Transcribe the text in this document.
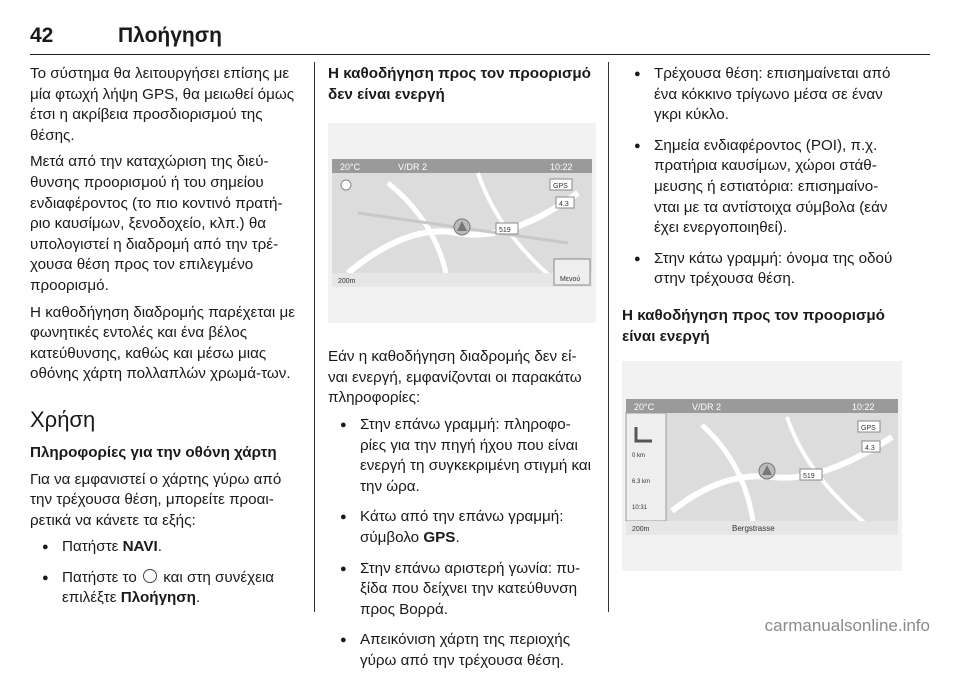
42	Πλοήγηση

Το σύστημα θα λειτουργήσει επίσης με μία φτωχή λήψη GPS, θα μειωθεί όμως έτσι η ακρίβεια προσδιορισμού της θέσης.

Μετά από την καταχώριση της διεύ-θυνσης προορισμού ή του σημείου ενδιαφέροντος (το πιο κοντινό πρατή-ριο καυσίμων, ξενοδοχείο, κλπ.) θα υπολογιστεί η διαδρομή από την τρέ-χουσα θέση προς τον επιλεγμένο προορισμό.

Η καθοδήγηση διαδρομής παρέχεται με φωνητικές εντολές και ένα βέλος κατεύθυνσης, καθώς και μέσω μιας οθόνης χάρτη πολλαπλών χρωμά-των.

Χρήση
Πληροφορίες για την οθόνη χάρτη

Για να εμφανιστεί ο χάρτης γύρω από την τρέχουσα θέση, μπορείτε προαι-ρετικά να κάνετε τα εξής:

● Πατήστε NAVI.
● Πατήστε το  και στη συνέχεια επιλέξτε Πλοήγηση.
Η καθοδήγηση προς τον προορισμό δεν είναι ενεργή
20°C	V/DR 2	10:22
GPS
4.3
519
200m	Μενού

Εάν η καθοδήγηση διαδρομής δεν εί-ναι ενεργή, εμφανίζονται οι παρακάτω πληροφορίες:

● Στην επάνω γραμμή: πληροφο-ρίες για την πηγή ήχου που είναι ενεργή τη συγκεκριμένη στιγμή και την ώρα.
● Κάτω από την επάνω γραμμή: σύμβολο GPS.
● Στην επάνω αριστερή γωνία: πυ-ξίδα που δείχνει την κατεύθυνση προς Βορρά.
● Απεικόνιση χάρτη της περιοχής γύρω από την τρέχουσα θέση.
● Τρέχουσα θέση: επισημαίνεται από ένα κόκκινο τρίγωνο μέσα σε έναν γκρι κύκλο.
● Σημεία ενδιαφέροντος (POI), π.χ. πρατήρια καυσίμων, χώροι στάθ-μευσης ή εστιατόρια: επισημαίνο-νται με τα αντίστοιχα σύμβολα (εάν έχει ενεργοποιηθεί).
● Στην κάτω γραμμή: όνομα της οδού στην τρέχουσα θέση.
Η καθοδήγηση προς τον προορισμό είναι ενεργή
20°C	V/DR 2	10:22
0 km
6.3 km
10:31
GPS
4.3
519
200m	Bergstrasse
carmanualsonline.info
